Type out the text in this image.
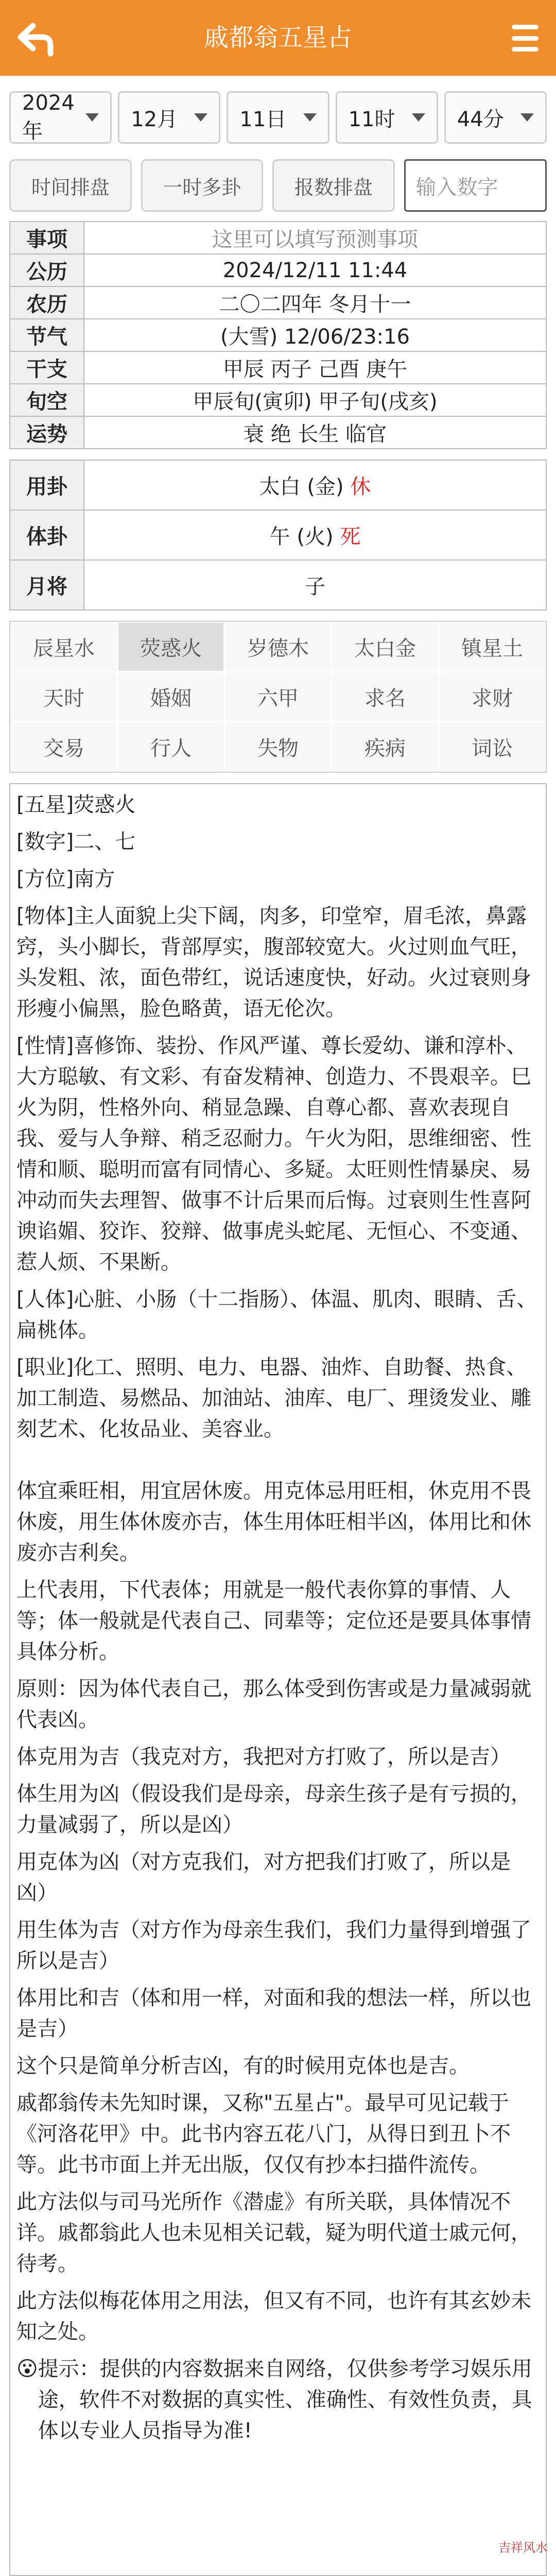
戚都翁五星占
2024年	12月	11日	11时	44分
时间排盘	一时多卦	报数排盘	输入数字
事项	这里可以填写预测事项
公历	2024/12/11 11:44
农历	二〇二四年 冬月十一
节气	(大雪) 12/06/23:16
干支	甲辰 丙子 己酉 庚午
旬空	甲辰旬(寅卯) 甲子旬(戌亥)
运势	衰 绝 长生 临官
用卦	太白 (金) 休
体卦	午 (火) 死
月将	子
辰星水	荧惑火	岁德木	太白金	镇星土
天时	婚姻	六甲	求名	求财
交易	行人	失物	疾病	词讼

[五星]荧惑火

[数字]二、七

[方位]南方

[物体]主人面貌上尖下阔，肉多，印堂窄，眉毛浓，鼻露窍，头小脚长，背部厚实，腹部较宽大。火过则血气旺，头发粗、浓，面色带红，说话速度快，好动。火过衰则身形瘦小偏黑，脸色略黄，语无伦次。

[性情]喜修饰、装扮、作风严谨、尊长爱幼、谦和淳朴、大方聪敏、有文彩、有奋发精神、创造力、不畏艰辛。巳火为阴，性格外向、稍显急躁、自尊心都、喜欢表现自我、爱与人争辩、稍乏忍耐力。午火为阳，思维细密、性情和顺、聪明而富有同情心、多疑。太旺则性情暴戾、易冲动而失去理智、做事不计后果而后悔。过衰则生性喜阿谀谄媚、狡诈、狡辩、做事虎头蛇尾、无恒心、不变通、惹人烦、不果断。

[人体]心脏、小肠（十二指肠）、体温、肌肉、眼睛、舌、扁桃体。

[职业]化工、照明、电力、电器、油炸、自助餐、热食、加工制造、易燃品、加油站、油库、电厂、理烫发业、雕刻艺术、化妆品业、美容业。

体宜乘旺相，用宜居休废。用克体忌用旺相，休克用不畏休废，用生体休废亦吉，体生用体旺相半凶，体用比和休废亦吉利矣。

上代表用，下代表体；用就是一般代表你算的事情、人等；体一般就是代表自己、同辈等；定位还是要具体事情具体分析。

原则：因为体代表自己，那么体受到伤害或是力量减弱就代表凶。

体克用为吉（我克对方，我把对方打败了，所以是吉）

体生用为凶（假设我们是母亲，母亲生孩子是有亏损的，力量减弱了，所以是凶）

用克体为凶（对方克我们，对方把我们打败了，所以是凶）

用生体为吉（对方作为母亲生我们，我们力量得到增强了所以是吉）

体用比和吉（体和用一样，对面和我的想法一样，所以也是吉）

这个只是简单分析吉凶，有的时候用克体也是吉。

戚都翁传未先知时课，又称"五星占"。最早可见记载于《河洛花甲》中。此书内容五花八门，从得日到丑卜不等。此书市面上并无出版，仅仅有抄本扫描件流传。

此方法似与司马光所作《潜虚》有所关联，具体情况不详。戚都翁此人也未见相关记载，疑为明代道士戚元何，待考。

此方法似梅花体用之用法，但又有不同，也许有其玄妙未知之处。

😮 提示：提供的内容数据来自网络，仅供参考学习娱乐用途，软件不对数据的真实性、准确性、有效性负责，具体以专业人员指导为准!

吉祥风水
